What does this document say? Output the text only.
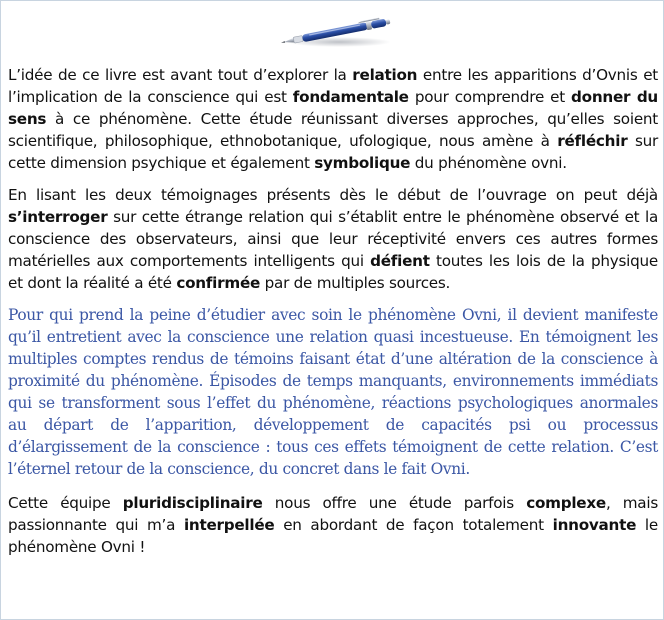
L’idée de ce livre est avant tout d’explorer la relation entre les apparitions d’Ovnis et l’implication de la conscience qui est fondamentale pour comprendre et donner du sens à ce phénomène. Cette étude réunissant diverses approches, qu’elles soient scientifique, philosophique, ethnobotanique, ufologique, nous amène à réfléchir sur cette dimension psychique et également symbolique du phénomène ovni.

En lisant les deux témoignages présents dès le début de l’ouvrage on peut déjà s’interroger sur cette étrange relation qui s’établit entre le phénomène observé et la conscience des observateurs, ainsi que leur réceptivité envers ces autres formes matérielles aux comportements intelligents qui défient toutes les lois de la physique et dont la réalité a été confirmée par de multiples sources.

Pour qui prend la peine d’étudier avec soin le phénomène Ovni, il devient manifeste qu’il entretient avec la conscience une relation quasi incestueuse. En témoignent les multiples comptes rendus de témoins faisant état d’une altération de la conscience à proximité du phénomène. Épisodes de temps manquants, environnements immédiats qui se transforment sous l’effet du phénomène, réactions psychologiques anormales au départ de l’apparition, développement de capacités psi ou processus d’élargissement de la conscience : tous ces effets témoignent de cette relation. C’est l’éternel retour de la conscience, du concret dans le fait Ovni.

Cette équipe pluridisciplinaire nous offre une étude parfois complexe, mais passionnante qui m’a interpellée en abordant de façon totalement innovante le phénomène Ovni !
